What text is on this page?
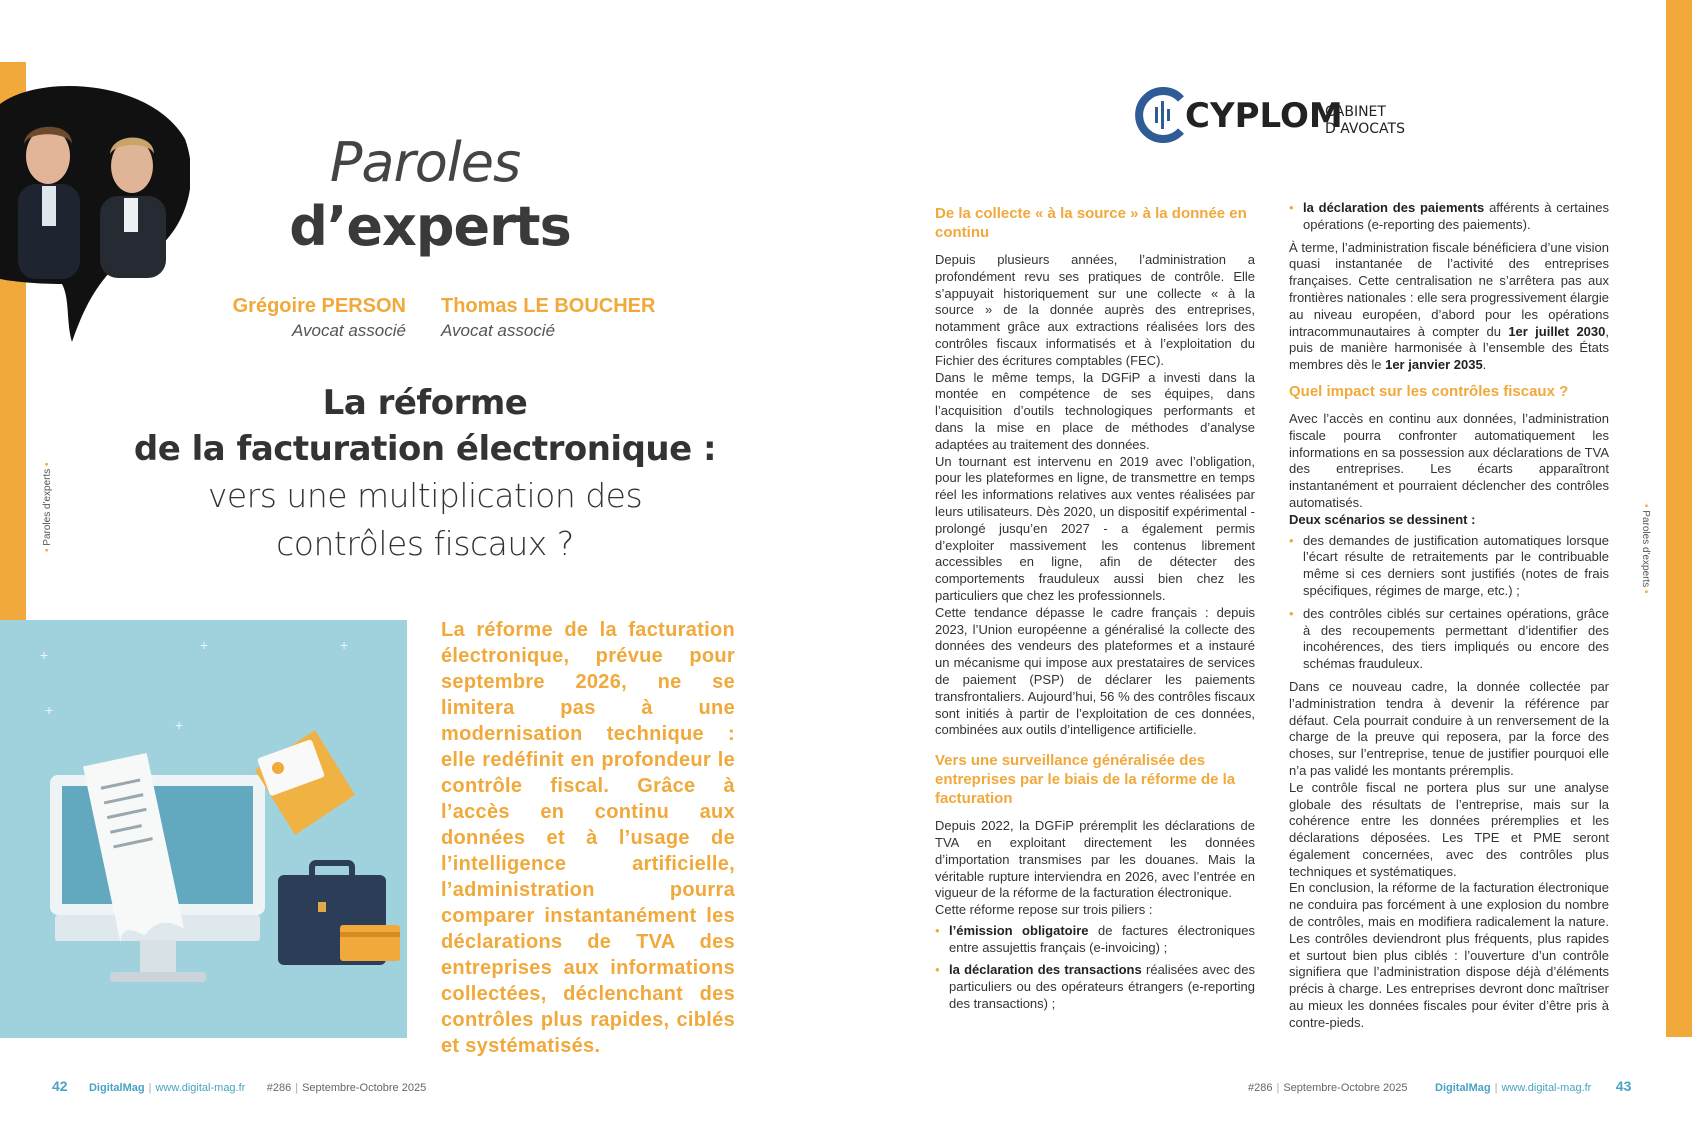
• Paroles d'experts •
Paroles
d’experts
Grégoire PERSON
Avocat associé
Thomas LE BOUCHER
Avocat associé
La réforme
de la facturation électronique :
vers une multiplication des
contrôles fiscaux ?
+
+	+
+
+
La réforme de la facturation électronique, prévue pour septembre 2026, ne se limitera pas à une modernisation technique : elle redéfinit en profondeur le contrôle fiscal. Grâce à l’accès en continu aux données et à l’usage de l’intelligence artificielle, l’administration pourra comparer instantanément les déclarations de TVA des entreprises aux informations collectées, déclenchant des contrôles plus rapides, ciblés et systématisés.
42 DigitalMag | www.digital-mag.fr #286 | Septembre-Octobre 2025
• Paroles d'experts •
CYPLOM
CABINET
D’AVOCATS
De la collecte « à la source » à la donnée en continu

Depuis plusieurs années, l’administration a profondément revu ses pratiques de contrôle. Elle s’appuyait historiquement sur une collecte « à la source » de la donnée auprès des entreprises, notamment grâce aux extractions réalisées lors des contrôles fiscaux informatisés et à l’exploitation du Fichier des écritures comptables (FEC).

Dans le même temps, la DGFiP a investi dans la montée en compétence de ses équipes, dans l’acquisition d’outils technologiques performants et dans la mise en place de méthodes d’analyse adaptées au traitement des données.

Un tournant est intervenu en 2019 avec l’obligation, pour les plateformes en ligne, de transmettre en temps réel les informations relatives aux ventes réalisées par leurs utilisateurs. Dès 2020, un dispositif expérimental - prolongé jusqu’en 2027 - a également permis d’exploiter massivement les contenus librement accessibles en ligne, afin de détecter des comportements frauduleux aussi bien chez les particuliers que chez les professionnels.

Cette tendance dépasse le cadre français : depuis 2023, l’Union européenne a généralisé la collecte des données des vendeurs des plateformes et a instauré un mécanisme qui impose aux prestataires de services de paiement (PSP) de déclarer les paiements transfrontaliers. Aujourd’hui, 56 % des contrôles fiscaux sont initiés à partir de l’exploitation de ces données, combinées aux outils d’intelligence artificielle.

Vers une surveillance généralisée des entreprises par le biais de la réforme de la facturation

Depuis 2022, la DGFiP préremplit les déclarations de TVA en exploitant directement les données d’importation transmises par les douanes. Mais la véritable rupture interviendra en 2026, avec l’entrée en vigueur de la réforme de la facturation électronique.

Cette réforme repose sur trois piliers :

• l’émission obligatoire de factures électroniques entre assujettis français (e-invoicing) ;
• la déclaration des transactions réalisées avec des particuliers ou des opérateurs étrangers (e-reporting des transactions) ;
• la déclaration des paiements afférents à certaines opérations (e-reporting des paiements).

À terme, l’administration fiscale bénéficiera d’une vision quasi instantanée de l’activité des entreprises françaises. Cette centralisation ne s’arrêtera pas aux frontières nationales : elle sera progressivement élargie au niveau européen, d’abord pour les opérations intracommunautaires à compter du 1er juillet 2030, puis de manière harmonisée à l’ensemble des États membres dès le 1er janvier 2035.

Quel impact sur les contrôles fiscaux ?

Avec l’accès en continu aux données, l’administration fiscale pourra confronter automatiquement les informations en sa possession aux déclarations de TVA des entreprises. Les écarts apparaîtront instantanément et pourraient déclencher des contrôles automatisés.

Deux scénarios se dessinent :

• des demandes de justification automatiques lorsque l’écart résulte de retraitements par le contribuable même si ces derniers sont justifiés (notes de frais spécifiques, régimes de marge, etc.) ;
• des contrôles ciblés sur certaines opérations, grâce à des recoupements permettant d’identifier des incohérences, des tiers impliqués ou encore des schémas frauduleux.

Dans ce nouveau cadre, la donnée collectée par l’administration tendra à devenir la référence par défaut. Cela pourrait conduire à un renversement de la charge de la preuve qui reposera, par la force des choses, sur l’entreprise, tenue de justifier pourquoi elle n’a pas validé les montants préremplis.

Le contrôle fiscal ne portera plus sur une analyse globale des résultats de l’entreprise, mais sur la cohérence entre les données préremplies et les déclarations déposées. Les TPE et PME seront également concernées, avec des contrôles plus techniques et systématiques.

En conclusion, la réforme de la facturation électronique ne conduira pas forcément à une explosion du nombre de contrôles, mais en modifiera radicalement la nature. Les contrôles deviendront plus fréquents, plus rapides et surtout bien plus ciblés : l’ouverture d’un contrôle signifiera que l’administration dispose déjà d’éléments précis à charge. Les entreprises devront donc maîtriser au mieux les données fiscales pour éviter d’être pris à contre-pieds.

#286 | Septembre-Octobre 2025	DigitalMag | www.digital-mag.fr 43
